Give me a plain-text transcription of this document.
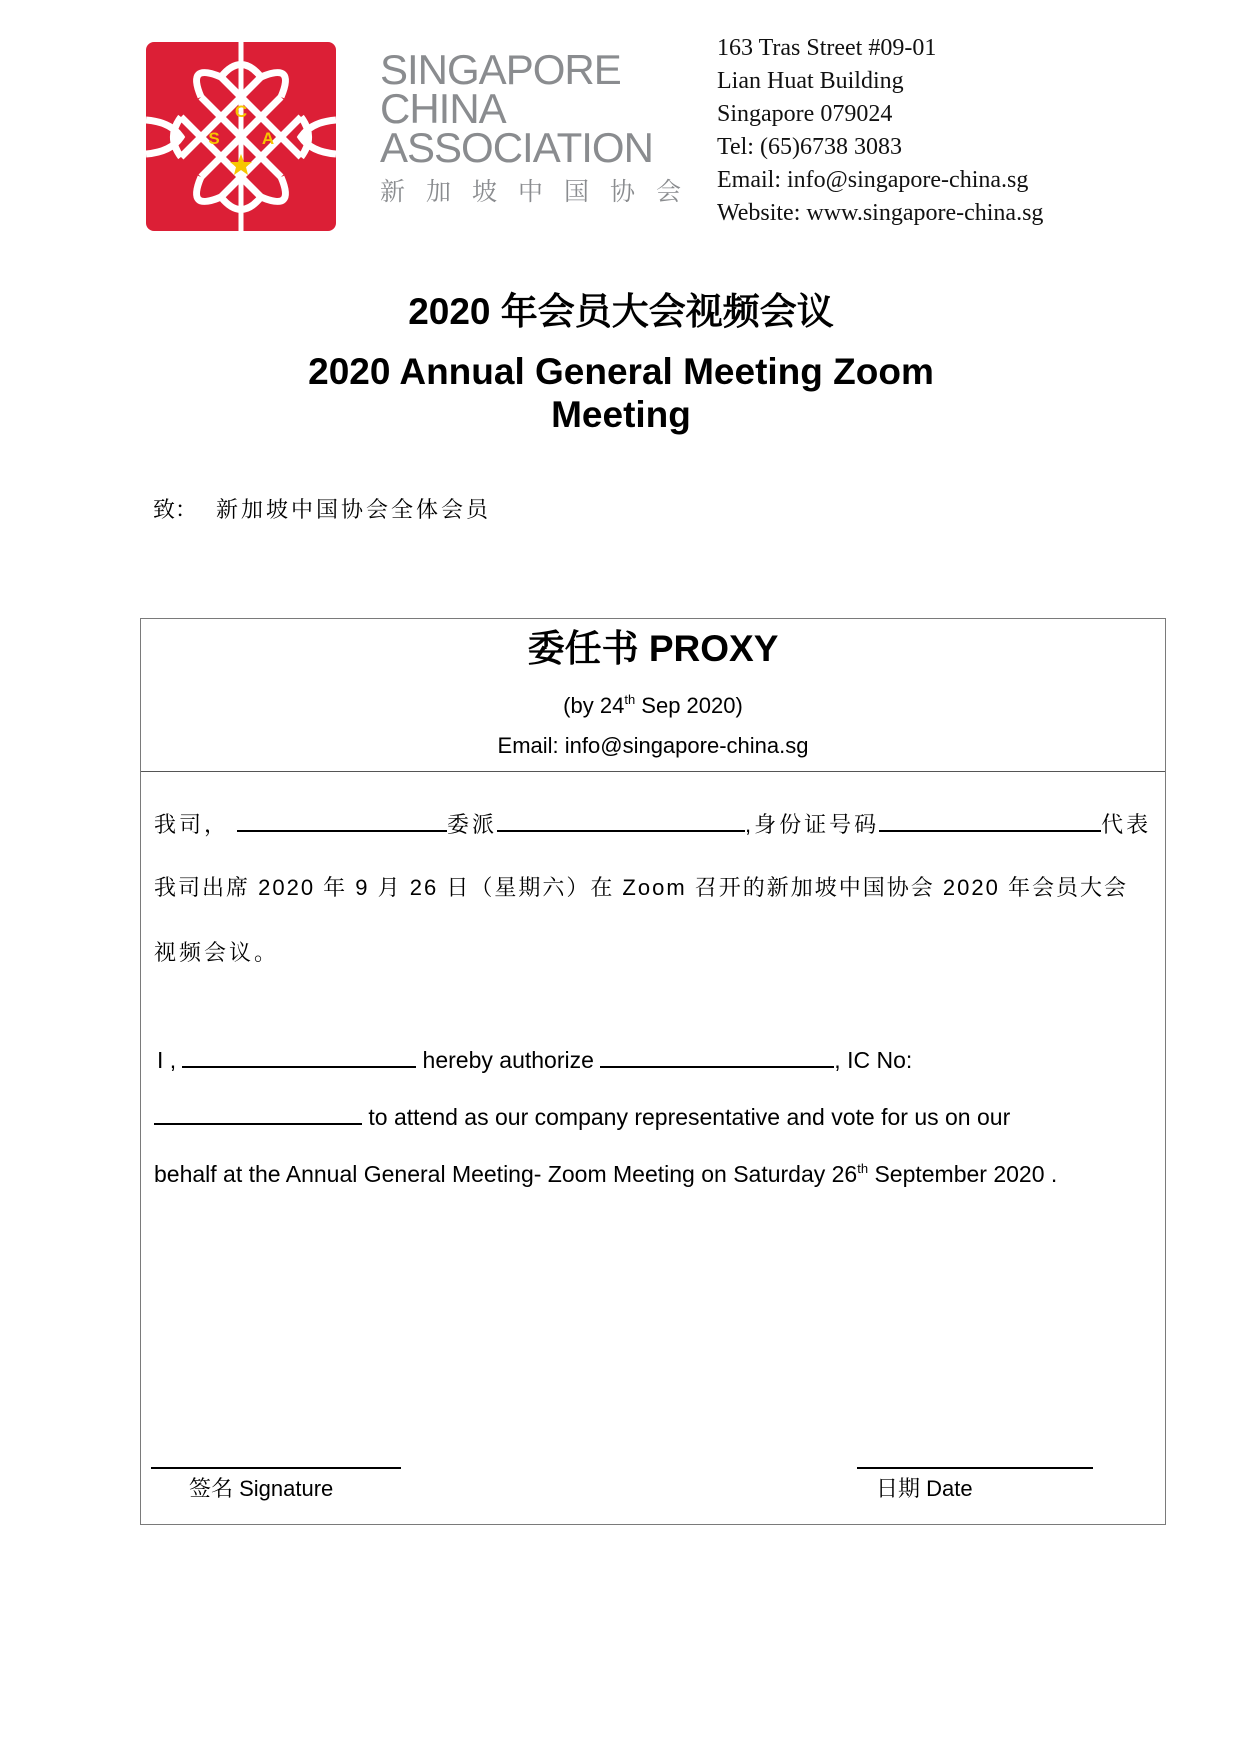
C
S A
SINGAPORE
CHINA
ASSOCIATION
新加坡中国协会
163 Tras Street #09-01
Lian Huat Building
Singapore 079024
Tel: (65)6738 3083
Email: info@singapore-china.sg
Website: www.singapore-china.sg
2020 年会员大会视频会议
2020 Annual General Meeting Zoom
Meeting
致： 新加坡中国协会全体会员
委任书 PROXY
(by 24th Sep 2020)
Email: info@singapore-china.sg
我司，	委派	,身份证号码	代表
我司出席 2020 年 9 月 26 日（星期六）在 Zoom 召开的新加坡中国协会 2020 年会员大会
视频会议。
I ,	hereby authorize	, IC No:
to attend as our company representative and vote for us on our
behalf at the Annual General Meeting- Zoom Meeting on Saturday 26th September 2020 .
签名 Signature	日期 Date
